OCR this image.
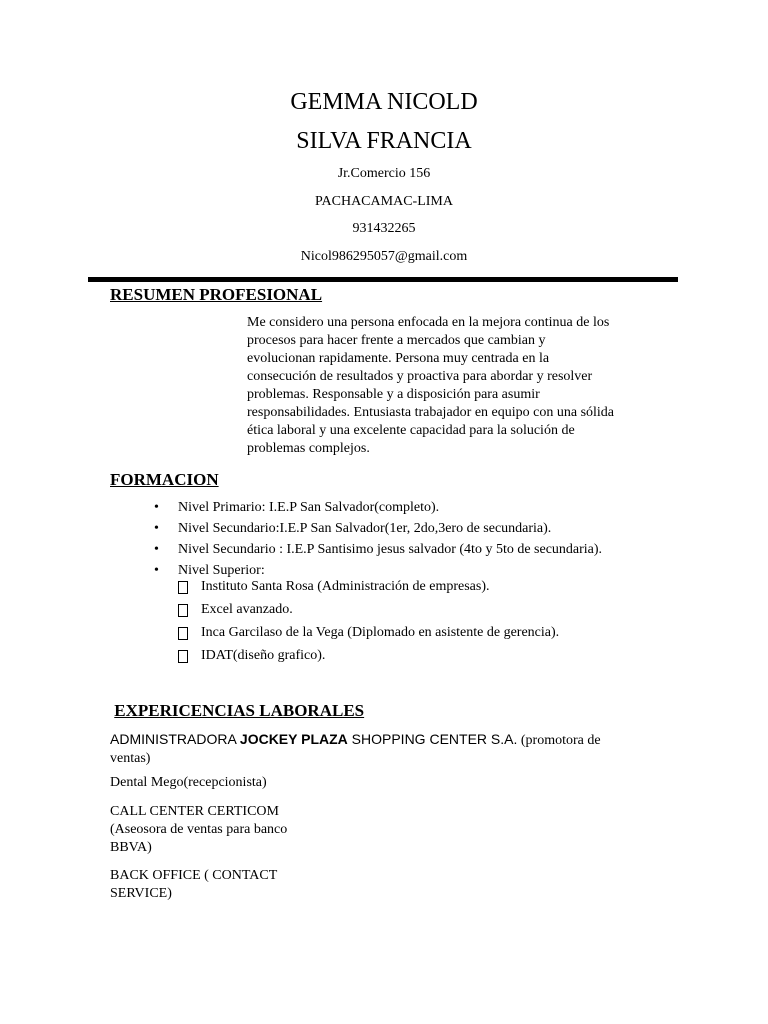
GEMMA NICOLD
SILVA FRANCIA
Jr.Comercio 156
PACHACAMAC-LIMA
931432265
Nicol986295057@gmail.com
RESUMEN PROFESIONAL
Me considero una persona enfocada en la mejora continua de los
procesos para hacer frente a mercados que cambian y
evolucionan rapidamente. Persona muy centrada en la
consecución de resultados y proactiva para abordar y resolver
problemas. Responsable y a disposición para asumir
responsabilidades. Entusiasta trabajador en equipo con una sólida
ética laboral y una excelente capacidad para la solución de
problemas complejos.
FORMACION
• Nivel Primario: I.E.P San Salvador(completo).
• Nivel Secundario:I.E.P San Salvador(1er, 2do,3ero de secundaria).
• Nivel Secundario : I.E.P Santisimo jesus salvador (4to y 5to de secundaria).
• Nivel Superior:
Instituto Santa Rosa (Administración de empresas).
Excel avanzado.
Inca Garcilaso de la Vega (Diplomado en asistente de gerencia).
IDAT(diseño grafico).
EXPERICENCIAS LABORALES
ADMINISTRADORA JOCKEY PLAZA SHOPPING CENTER S.A. (promotora de
ventas)
Dental Mego(recepcionista)
CALL CENTER CERTICOM
(Aseosora de ventas para banco
BBVA)
BACK OFFICE ( CONTACT
SERVICE)
